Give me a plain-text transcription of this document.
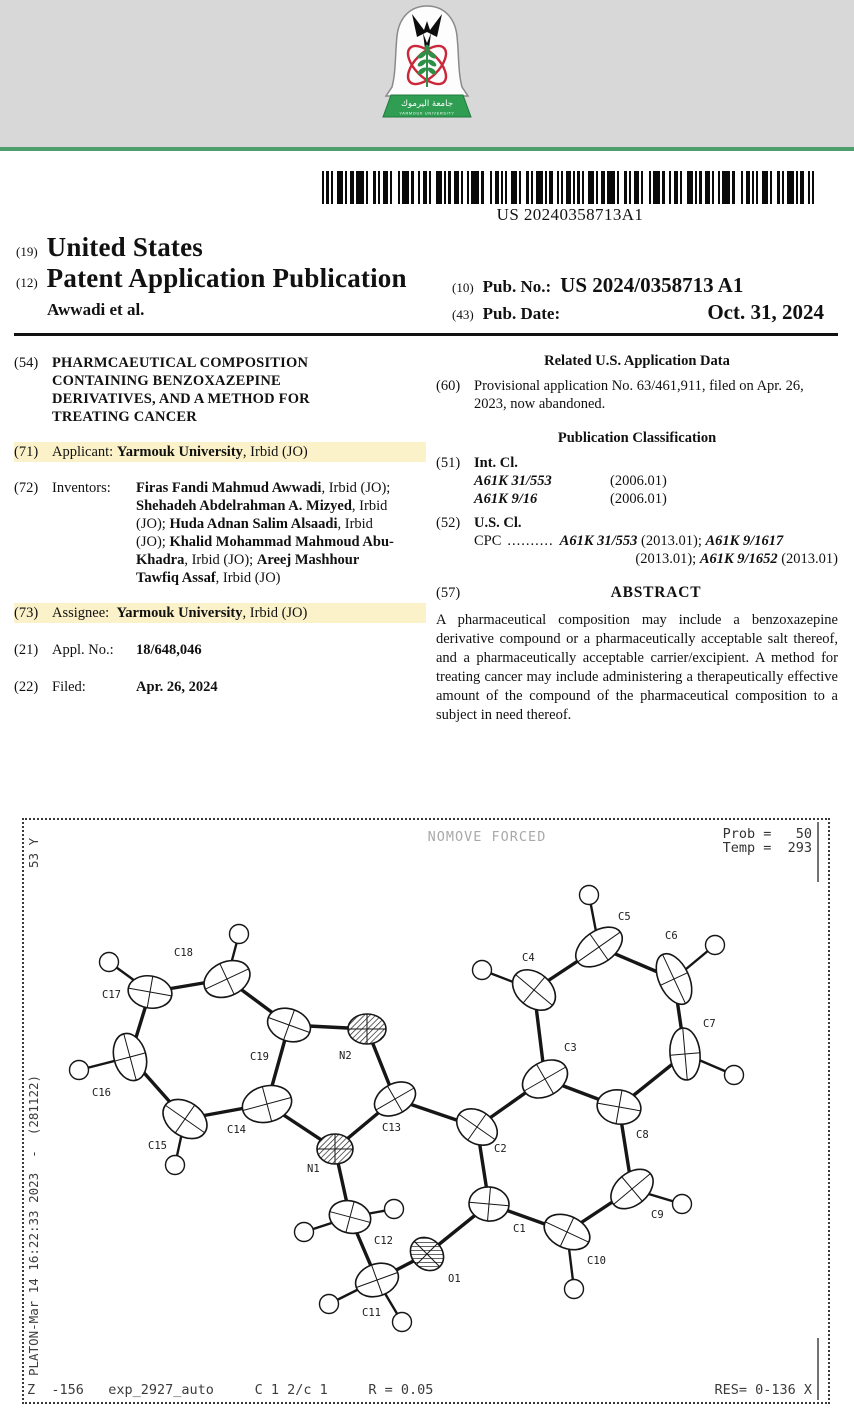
جامعة اليرموك
YARMOUK UNIVERSITY
US 20240358713A1
(19) United States
(12) Patent Application Publication
Awwadi et al.
(10) Pub. No.: US 2024/0358713 A1
(43) Pub. Date:	Oct. 31, 2024
(54) PHARMCAEUTICAL COMPOSITION CONTAINING BENZOXAZEPINE DERIVATIVES, AND A METHOD FOR TREATING CANCER
(71) Applicant: Yarmouk University, Irbid (JO)
(72) Inventors:	Firas Fandi Mahmud Awwadi, Irbid (JO); Shehadeh Abdelrahman A. Mizyed, Irbid (JO); Huda Adnan Salim Alsaadi, Irbid (JO); Khalid Mohammad Mahmoud Abu-Khadra, Irbid (JO); Areej Mashhour Tawfiq Assaf, Irbid (JO)
(73) Assignee: Yarmouk University, Irbid (JO)
(21) Appl. No.:	18/648,046
(22) Filed:	Apr. 26, 2024
Related U.S. Application Data
(60) Provisional application No. 63/461,911, filed on Apr. 26, 2023, now abandoned.
Publication Classification
(51) Int. Cl.
A61K 31/553	(2006.01)
A61K 9/16	(2006.01)
(52) U.S. Cl.
CPC .......... A61K 31/553 (2013.01); A61K 9/1617
(2013.01); A61K 9/1652 (2013.01)
(57)	ABSTRACT
A pharmaceutical composition may include a benzoxazepine derivative compound or a pharmaceutically acceptable salt thereof, and a pharmaceutically acceptable carrier/excipient. A method for treating cancer may include administering a therapeutically effective amount of the compound of the pharmaceutical composition to a subject in need thereof.
C18
C17
C16
C15
C14
C19	N2
C13
N1
C12
C11
O1
C1
C2
C3
C4
C5
C6
C7
C8
C9
C10
NOMOVE FORCED	Prob =   50
Temp =  293
Z  -156   exp_2927_auto     C 1 2/c 1     R = 0.05	RES= 0-136 X
53 Y
PLATON-Mar 14 16:22:33 2023  -  (281122)
